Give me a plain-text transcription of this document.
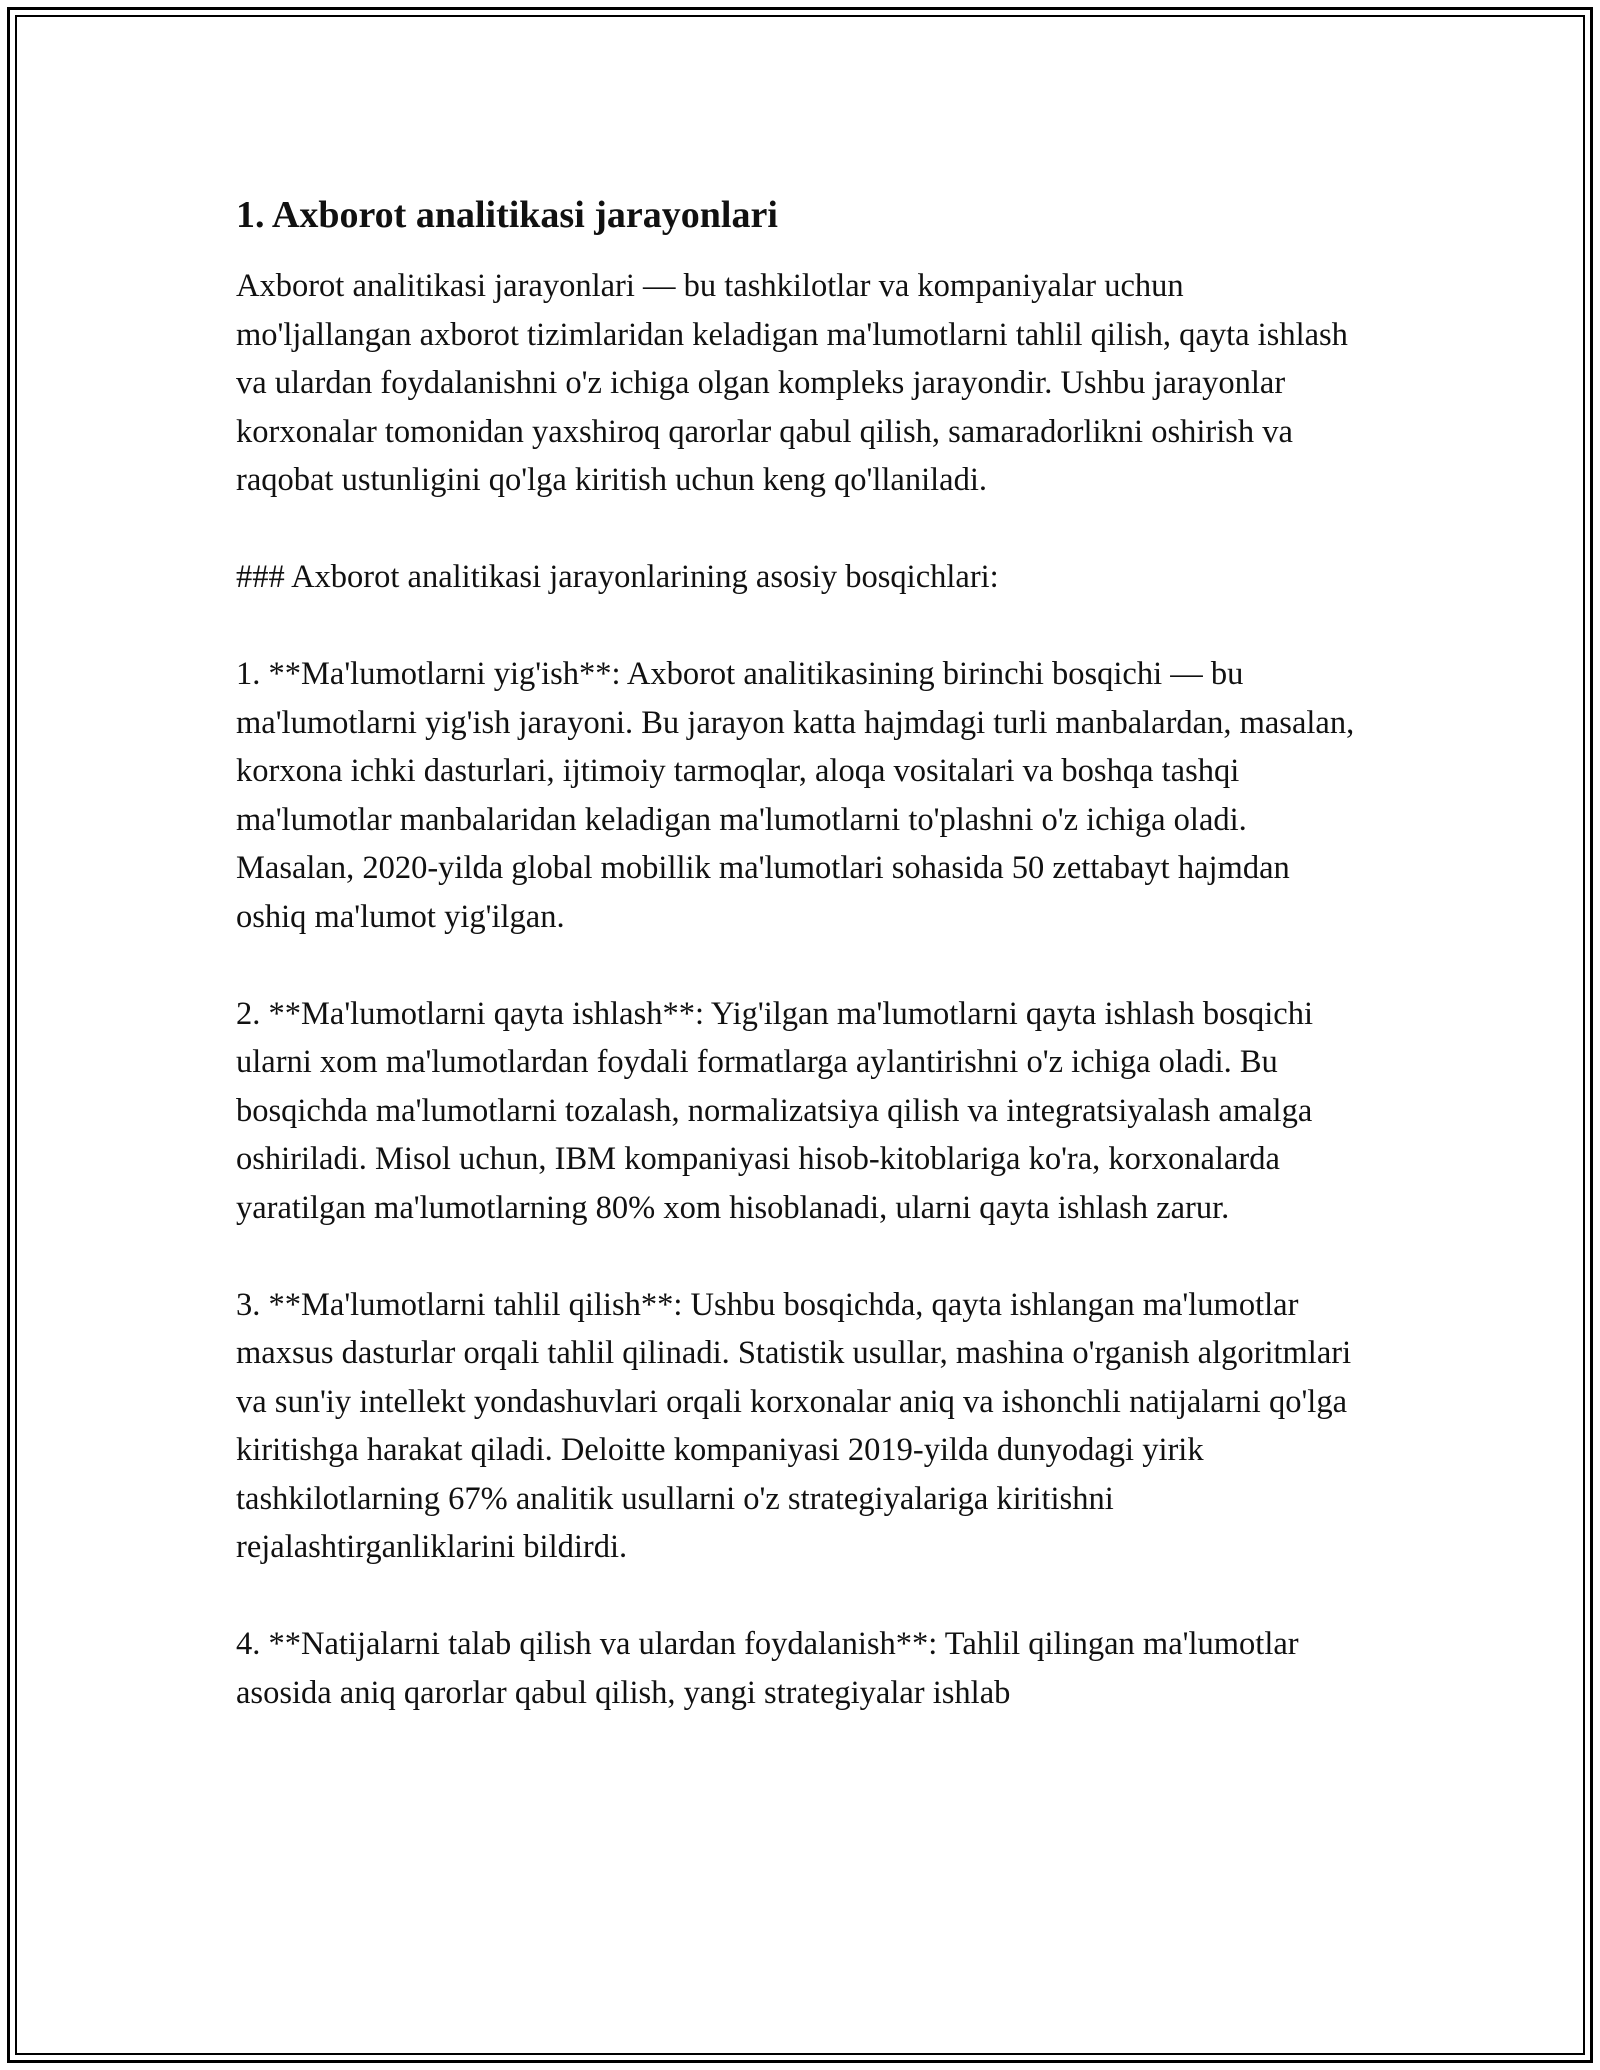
1. Axborot analitikasi jarayonlari

Axborot analitikasi jarayonlari — bu tashkilotlar va kompaniyalar uchun mo'ljallangan axborot tizimlaridan keladigan ma'lumotlarni tahlil qilish, qayta ishlash va ulardan foydalanishni o'z ichiga olgan kompleks jarayondir. Ushbu jarayonlar korxonalar tomonidan yaxshiroq qarorlar qabul qilish, samaradorlikni oshirish va raqobat ustunligini qo'lga kiritish uchun keng qo'llaniladi.

### Axborot analitikasi jarayonlarining asosiy bosqichlari:

1. **Ma'lumotlarni yig'ish**: Axborot analitikasining birinchi bosqichi — bu ma'lumotlarni yig'ish jarayoni. Bu jarayon katta hajmdagi turli manbalardan, masalan, korxona ichki dasturlari, ijtimoiy tarmoqlar, aloqa vositalari va boshqa tashqi ma'lumotlar manbalaridan keladigan ma'lumotlarni to'plashni o'z ichiga oladi. Masalan, 2020-yilda global mobillik ma'lumotlari sohasida 50 zettabayt hajmdan oshiq ma'lumot yig'ilgan.

2. **Ma'lumotlarni qayta ishlash**: Yig'ilgan ma'lumotlarni qayta ishlash bosqichi ularni xom ma'lumotlardan foydali formatlarga aylantirishni o'z ichiga oladi. Bu bosqichda ma'lumotlarni tozalash, normalizatsiya qilish va integratsiyalash amalga oshiriladi. Misol uchun, IBM kompaniyasi hisob-kitoblariga ko'ra, korxonalarda yaratilgan ma'lumotlarning 80% xom hisoblanadi, ularni qayta ishlash zarur.

3. **Ma'lumotlarni tahlil qilish**: Ushbu bosqichda, qayta ishlangan ma'lumotlar maxsus dasturlar orqali tahlil qilinadi. Statistik usullar, mashina o'rganish algoritmlari va sun'iy intellekt yondashuvlari orqali korxonalar aniq va ishonchli natijalarni qo'lga kiritishga harakat qiladi. Deloitte kompaniyasi 2019-yilda dunyodagi yirik tashkilotlarning 67% analitik usullarni o'z strategiyalariga kiritishni rejalashtirganliklarini bildirdi.

4. **Natijalarni talab qilish va ulardan foydalanish**: Tahlil qilingan ma'lumotlar asosida aniq qarorlar qabul qilish, yangi strategiyalar ishlab
